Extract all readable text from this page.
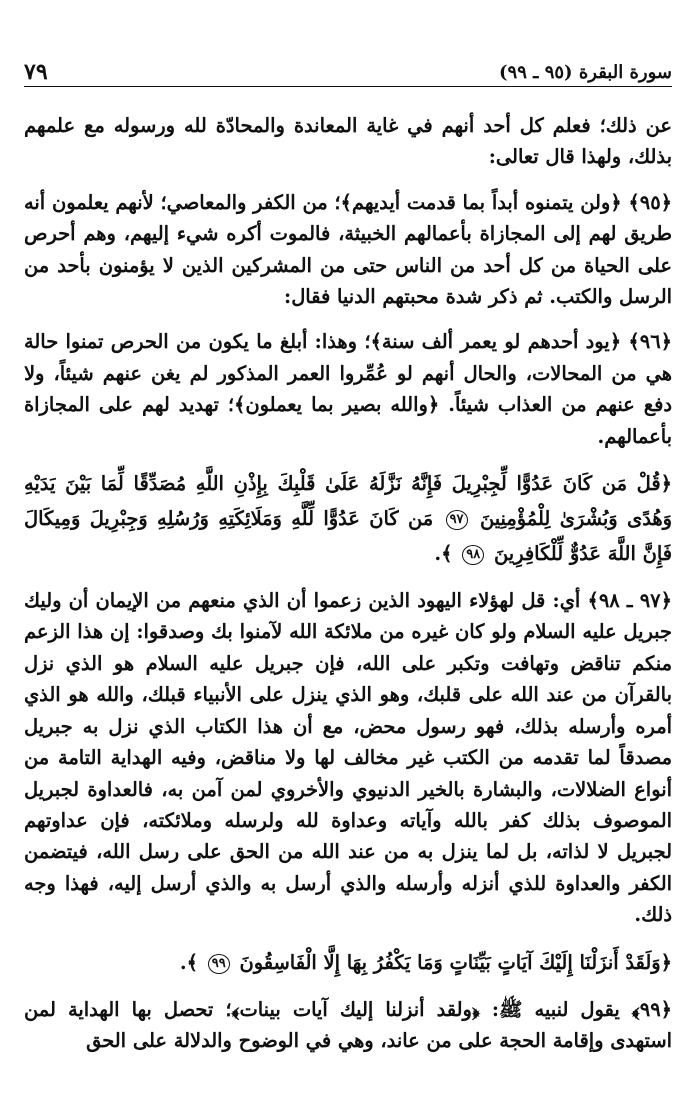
سورة البقرة (٩٥ ـ ٩٩)
٧٩

عن ذلك؛ فعلم كل أحد أنهم في غاية المعاندة والمحادّة لله ورسوله مع علمهم بذلك، ولهذا قال تعالى:

﴿٩٥﴾ ﴿ولن يتمنوه أبداً بما قدمت أيديهم﴾؛ من الكفر والمعاصي؛ لأنهم يعلمون أنه طريق لهم إلى المجازاة بأعمالهم الخبيثة، فالموت أكره شيء إليهم، وهم أحرص على الحياة من كل أحد من الناس حتى من المشركين الذين لا يؤمنون بأحد من الرسل والكتب. ثم ذكر شدة محبتهم الدنيا فقال:

﴿٩٦﴾ ﴿يود أحدهم لو يعمر ألف سنة﴾؛ وهذا: أبلغ ما يكون من الحرص تمنوا حالة هي من المحالات، والحال أنهم لو عُمِّروا العمر المذكور لم يغن عنهم شيئاً، ولا دفع عنهم من العذاب شيئاً. ﴿والله بصير بما يعملون﴾؛ تهديد لهم على المجازاة بأعمالهم.

﴿قُلْ مَن كَانَ عَدُوًّا لِّجِبْرِيلَ فَإِنَّهُ نَزَّلَهُ عَلَىٰ قَلْبِكَ بِإِذْنِ اللَّهِ مُصَدِّقًا لِّمَا بَيْنَ يَدَيْهِ وَهُدًى وَبُشْرَىٰ لِلْمُؤْمِنِينَ ٩٧ مَن كَانَ عَدُوًّا لِّلَّهِ وَمَلَائِكَتِهِ وَرُسُلِهِ وَجِبْرِيلَ وَمِيكَالَ فَإِنَّ اللَّهَ عَدُوٌّ لِّلْكَافِرِينَ ٩٨ ﴾.

﴿٩٧ ـ ٩٨﴾ أي: قل لهؤلاء اليهود الذين زعموا أن الذي منعهم من الإيمان أن وليك جبريل عليه السلام ولو كان غيره من ملائكة الله لآمنوا بك وصدقوا: إن هذا الزعم منكم تناقض وتهافت وتكبر على الله، فإن جبريل عليه السلام هو الذي نزل بالقرآن من عند الله على قلبك، وهو الذي ينزل على الأنبياء قبلك، والله هو الذي أمره وأرسله بذلك، فهو رسول محض، مع أن هذا الكتاب الذي نزل به جبريل مصدقاً لما تقدمه من الكتب غير مخالف لها ولا مناقض، وفيه الهداية التامة من أنواع الضلالات، والبشارة بالخير الدنيوي والأخروي لمن آمن به، فالعداوة لجبريل الموصوف بذلك كفر بالله وآياته وعداوة لله ولرسله وملائكته، فإن عداوتهم لجبريل لا لذاته، بل لما ينزل به من عند الله من الحق على رسل الله، فيتضمن الكفر والعداوة للذي أنزله وأرسله والذي أرسل به والذي أرسل إليه، فهذا وجه ذلك.

﴿وَلَقَدْ أَنزَلْنَا إِلَيْكَ آيَاتٍ بَيِّنَاتٍ وَمَا يَكْفُرُ بِهَا إِلَّا الْفَاسِقُونَ ٩٩ ﴾.

﴿٩٩﴾ يقول لنبيه ﷺ: ﴿ولقد أنزلنا إليك آيات بينات﴾؛ تحصل بها الهداية لمن استهدى وإقامة الحجة على من عاند، وهي في الوضوح والدلالة على الحق
